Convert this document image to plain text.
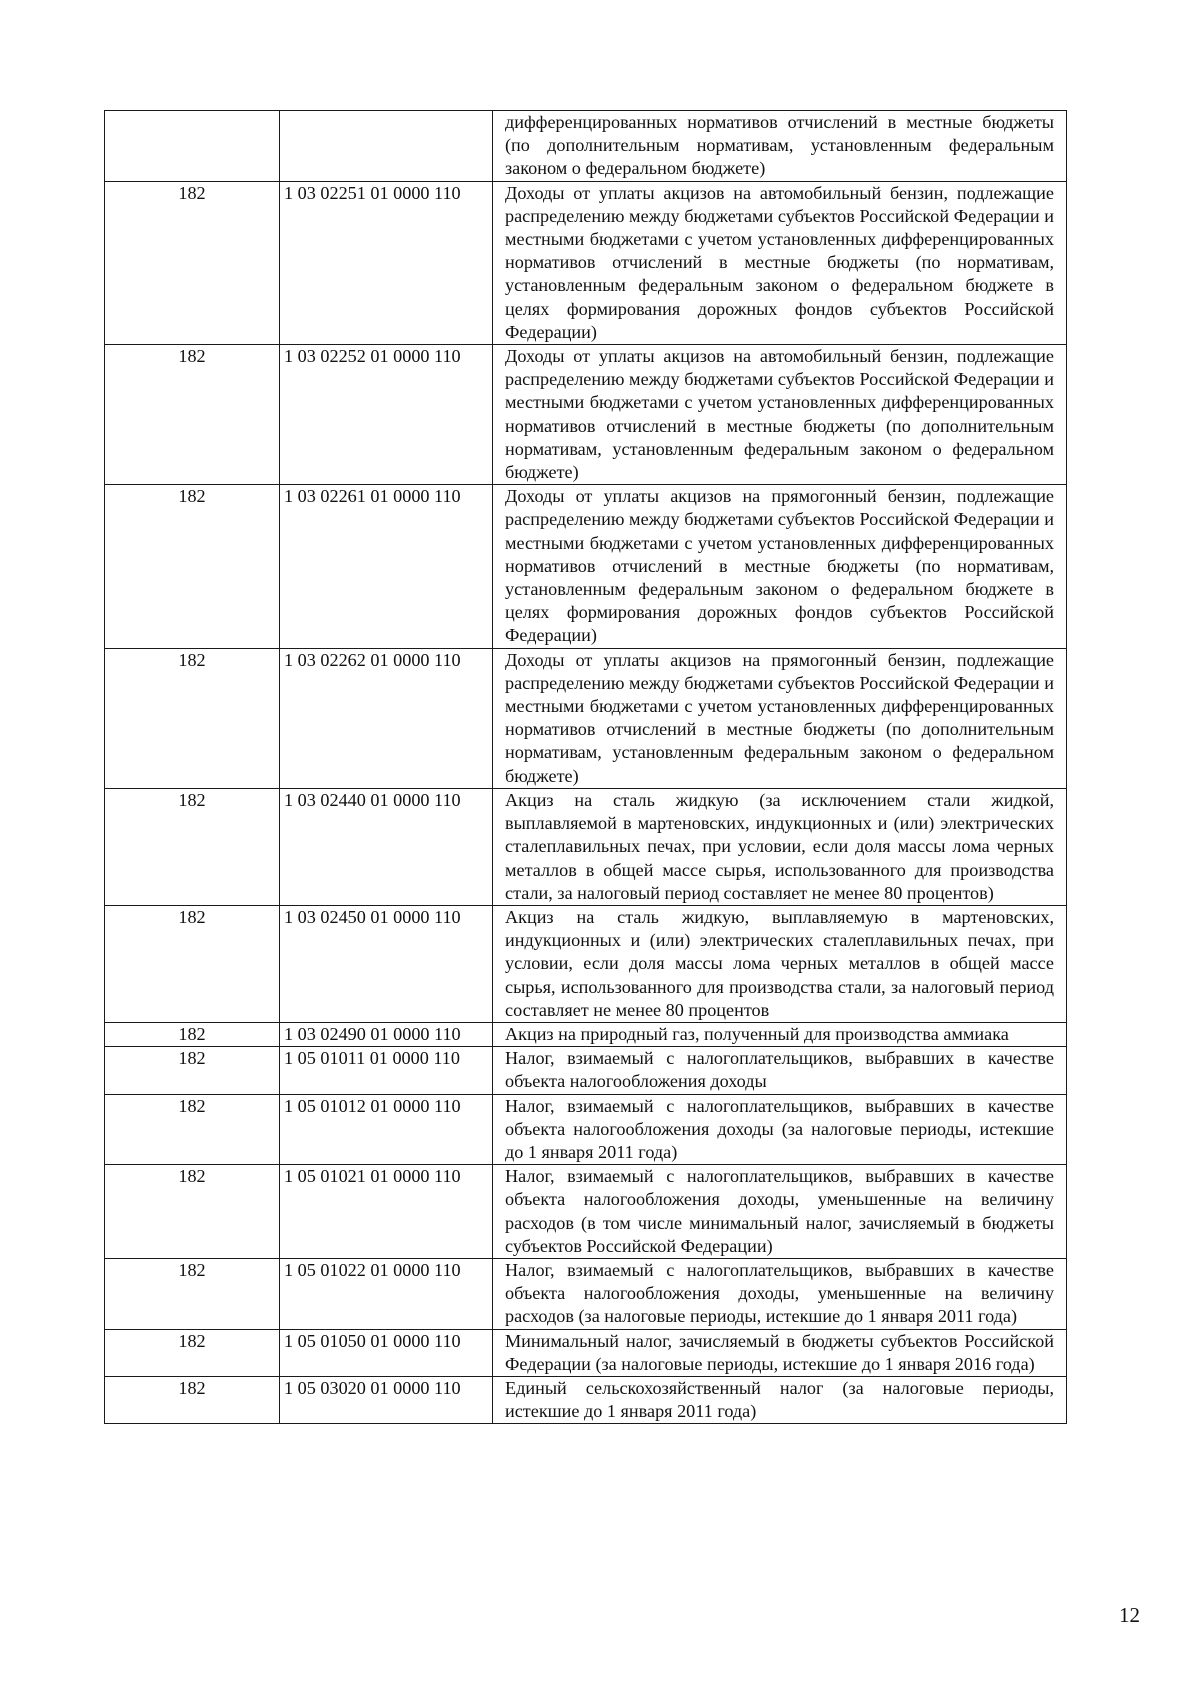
		дифференцированных нормативов отчислений в местные бюджеты (по дополнительным нормативам, установленным федеральным законом о федеральном бюджете)
182	1 03 02251 01 0000 110	Доходы от уплаты акцизов на автомобильный бензин, подлежащие распределению между бюджетами субъектов Российской Федерации и местными бюджетами с учетом установленных дифференцированных нормативов отчислений в местные бюджеты (по нормативам, установленным федеральным законом о федеральном бюджете в целях формирования дорожных фондов субъектов Российской Федерации)
182	1 03 02252 01 0000 110	Доходы от уплаты акцизов на автомобильный бензин, подлежащие распределению между бюджетами субъектов Российской Федерации и местными бюджетами с учетом установленных дифференцированных нормативов отчислений в местные бюджеты (по дополнительным нормативам, установленным федеральным законом о федеральном бюджете)
182	1 03 02261 01 0000 110	Доходы от уплаты акцизов на прямогонный бензин, подлежащие распределению между бюджетами субъектов Российской Федерации и местными бюджетами с учетом установленных дифференцированных нормативов отчислений в местные бюджеты (по нормативам, установленным федеральным законом о федеральном бюджете в целях формирования дорожных фондов субъектов Российской Федерации)
182	1 03 02262 01 0000 110	Доходы от уплаты акцизов на прямогонный бензин, подлежащие распределению между бюджетами субъектов Российской Федерации и местными бюджетами с учетом установленных дифференцированных нормативов отчислений в местные бюджеты (по дополнительным нормативам, установленным федеральным законом о федеральном бюджете)
182	1 03 02440 01 0000 110	Акциз на сталь жидкую (за исключением стали жидкой, выплавляемой в мартеновских, индукционных и (или) электрических сталеплавильных печах, при условии, если доля массы лома черных металлов в общей массе сырья, использованного для производства стали, за налоговый период составляет не менее 80 процентов)
182	1 03 02450 01 0000 110	Акциз на сталь жидкую, выплавляемую в мартеновских, индукционных и (или) электрических сталеплавильных печах, при условии, если доля массы лома черных металлов в общей массе сырья, использованного для производства стали, за налоговый период составляет не менее 80 процентов
182	1 03 02490 01 0000 110	Акциз на природный газ, полученный для производства аммиака
182	1 05 01011 01 0000 110	Налог, взимаемый с налогоплательщиков, выбравших в качестве объекта налогообложения доходы
182	1 05 01012 01 0000 110	Налог, взимаемый с налогоплательщиков, выбравших в качестве объекта налогообложения доходы (за налоговые периоды, истекшие до 1 января 2011 года)
182	1 05 01021 01 0000 110	Налог, взимаемый с налогоплательщиков, выбравших в качестве объекта налогообложения доходы, уменьшенные на величину расходов (в том числе минимальный налог, зачисляемый в бюджеты субъектов Российской Федерации)
182	1 05 01022 01 0000 110	Налог, взимаемый с налогоплательщиков, выбравших в качестве объекта налогообложения доходы, уменьшенные на величину расходов (за налоговые периоды, истекшие до 1 января 2011 года)
182	1 05 01050 01 0000 110	Минимальный налог, зачисляемый в бюджеты субъектов Российской Федерации (за налоговые периоды, истекшие до 1 января 2016 года)
182	1 05 03020 01 0000 110	Единый сельскохозяйственный налог (за налоговые периоды, истекшие до 1 января 2011 года)
12
